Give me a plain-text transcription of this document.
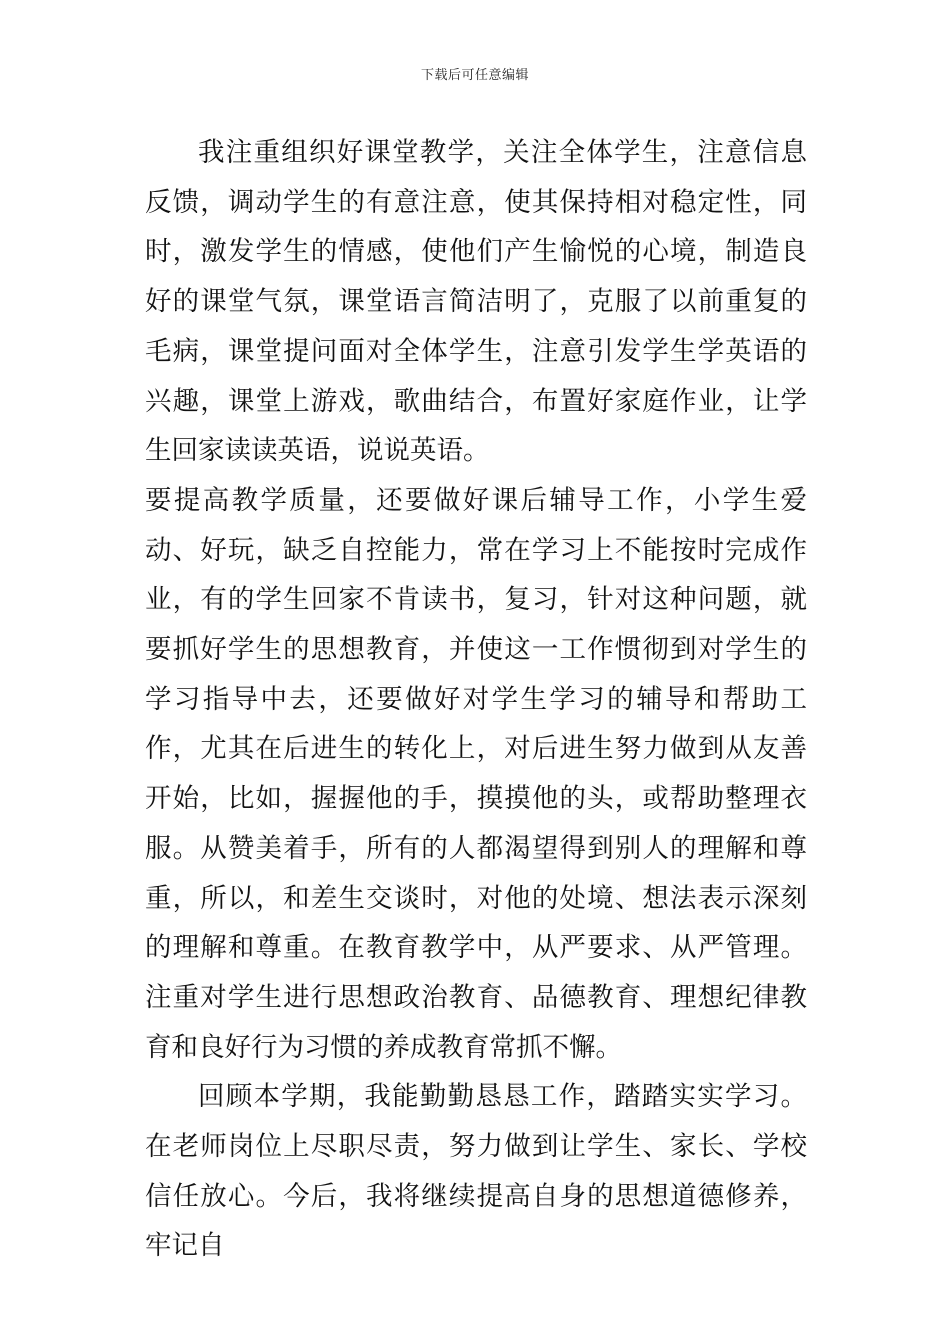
下载后可任意编辑

我注重组织好课堂教学，关注全体学生，注意信息反馈，调动学生的有意注意，使其保持相对稳定性，同时，激发学生的情感，使他们产生愉悦的心境，制造良好的课堂气氛，课堂语言简洁明了，克服了以前重复的毛病，课堂提问面对全体学生，注意引发学生学英语的兴趣，课堂上游戏，歌曲结合，布置好家庭作业，让学生回家读读英语，说说英语。

要提高教学质量，还要做好课后辅导工作，小学生爱动、好玩，缺乏自控能力，常在学习上不能按时完成作业，有的学生回家不肯读书，复习，针对这种问题，就要抓好学生的思想教育，并使这一工作惯彻到对学生的学习指导中去，还要做好对学生学习的辅导和帮助工作，尤其在后进生的转化上，对后进生努力做到从友善开始，比如，握握他的手，摸摸他的头，或帮助整理衣服。从赞美着手，所有的人都渴望得到别人的理解和尊重，所以，和差生交谈时，对他的处境、想法表示深刻的理解和尊重。在教育教学中，从严要求、从严管理。注重对学生进行思想政治教育、品德教育、理想纪律教育和良好行为习惯的养成教育常抓不懈。

回顾本学期，我能勤勤恳恳工作，踏踏实实学习。在老师岗位上尽职尽责，努力做到让学生、家长、学校信任放心。今后，我将继续提高自身的思想道德修养，牢记自
